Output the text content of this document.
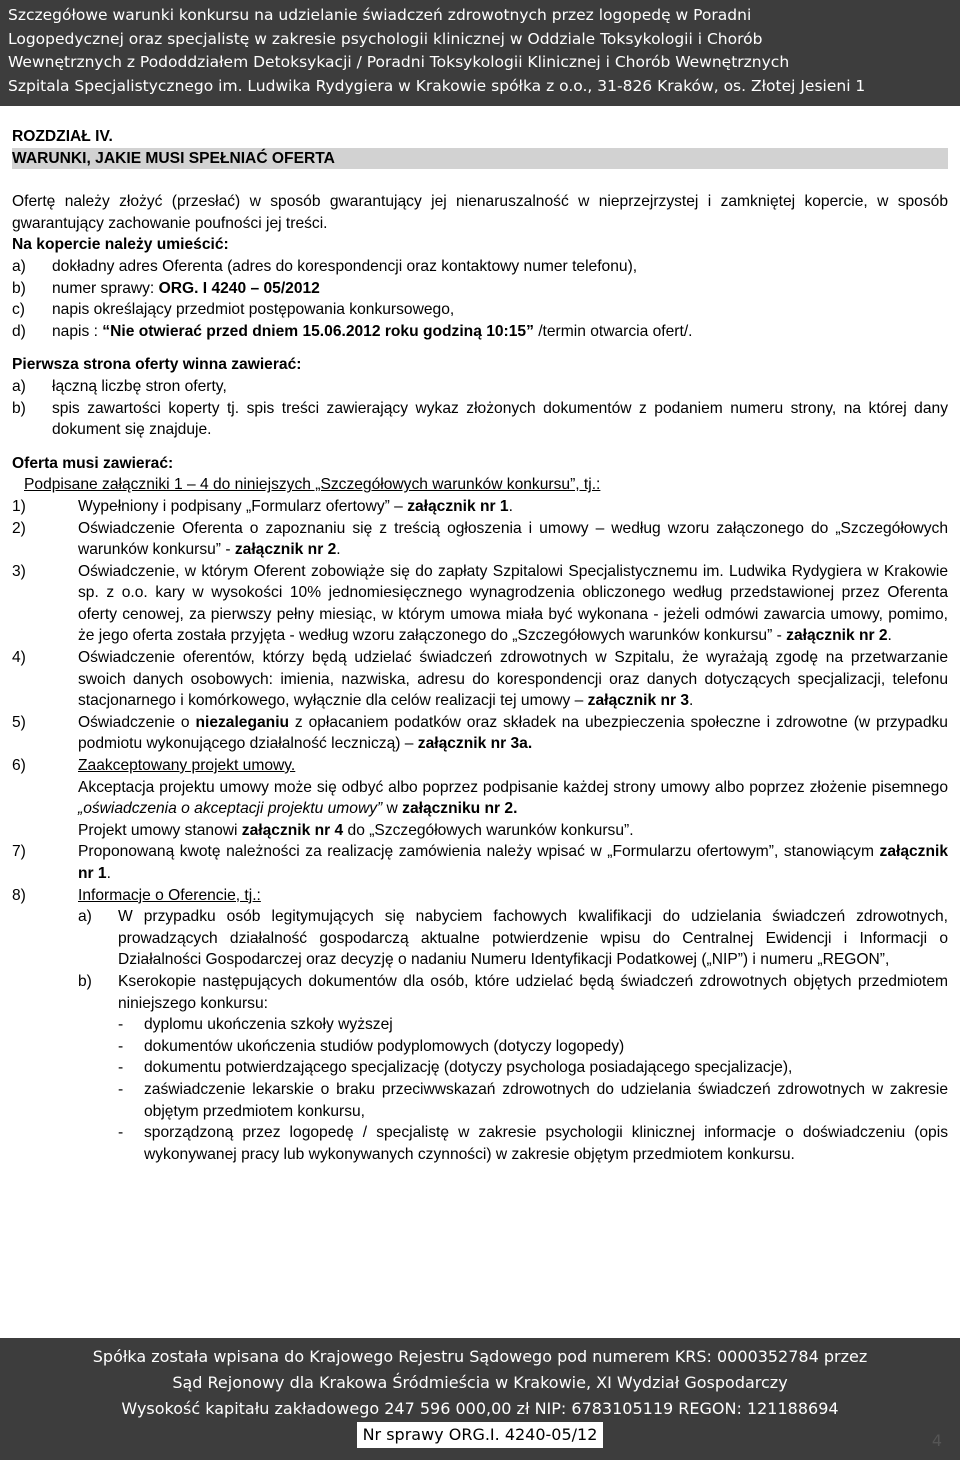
Szczegółowe warunki konkursu na udzielanie świadczeń zdrowotnych przez logopedę w Poradni
Logopedycznej oraz specjalistę w zakresie psychologii klinicznej w Oddziale Toksykologii i Chorób
Wewnętrznych z Pododdziałem Detoksykacji / Poradni Toksykologii Klinicznej i Chorób Wewnętrznych
Szpitala Specjalistycznego im. Ludwika Rydygiera w Krakowie spółka z o.o., 31-826 Kraków, os. Złotej Jesieni 1
ROZDZIAŁ IV.
WARUNKI, JAKIE MUSI SPEŁNIAĆ OFERTA

Ofertę należy złożyć (przesłać) w sposób gwarantujący jej nienaruszalność w nieprzejrzystej i zamkniętej kopercie, w sposób gwarantujący zachowanie poufności jej treści.

Na kopercie należy umieścić:
a)	dokładny adres Oferenta (adres do korespondencji oraz kontaktowy numer telefonu),
b)	numer sprawy: ORG. I 4240 – 05/2012
c)	napis określający przedmiot postępowania konkursowego,
d)	napis : “Nie otwierać przed dniem 15.06.2012 roku godziną 10:15” /termin otwarcia ofert/.
Pierwsza strona oferty winna zawierać:
a)	łączną liczbę stron oferty,
b)	spis zawartości koperty tj. spis treści zawierający wykaz złożonych dokumentów z podaniem numeru strony, na której dany dokument się znajduje.
Oferta musi zawierać:
Podpisane załączniki 1 – 4 do niniejszych „Szczegółowych warunków konkursu”, tj.:
1)	Wypełniony i podpisany „Formularz ofertowy” – załącznik nr 1.
2)	Oświadczenie Oferenta o zapoznaniu się z treścią ogłoszenia i umowy – według wzoru załączonego do „Szczegółowych warunków konkursu” - załącznik nr 2.
3)	Oświadczenie, w którym Oferent zobowiąże się do zapłaty Szpitalowi Specjalistycznemu im. Ludwika Rydygiera w Krakowie sp. z o.o. kary w wysokości 10% jednomiesięcznego wynagrodzenia obliczonego według przedstawionej przez Oferenta oferty cenowej, za pierwszy pełny miesiąc, w którym umowa miała być wykonana - jeżeli odmówi zawarcia umowy, pomimo, że jego oferta została przyjęta - według wzoru załączonego do „Szczegółowych warunków konkursu” - załącznik nr 2.
4)	Oświadczenie oferentów, którzy będą udzielać świadczeń zdrowotnych w Szpitalu, że wyrażają zgodę na przetwarzanie swoich danych osobowych: imienia, nazwiska, adresu do korespondencji oraz danych dotyczących specjalizacji, telefonu stacjonarnego i komórkowego, wyłącznie dla celów realizacji tej umowy – załącznik nr 3.
5)	Oświadczenie o niezaleganiu z opłacaniem podatków oraz składek na ubezpieczenia społeczne i zdrowotne (w przypadku podmiotu wykonującego działalność leczniczą) – załącznik nr 3a.
6)	Zaakceptowany projekt umowy.
Akceptacja projektu umowy może się odbyć albo poprzez podpisanie każdej strony umowy albo poprzez złożenie pisemnego „oświadczenia o akceptacji projektu umowy” w załączniku nr 2.
Projekt umowy stanowi załącznik nr 4 do „Szczegółowych warunków konkursu”.
7)	Proponowaną kwotę należności za realizację zamówienia należy wpisać w „Formularzu ofertowym”, stanowiącym załącznik nr 1.
8)	Informacje o Oferencie, tj.:
a)	W przypadku osób legitymujących się nabyciem fachowych kwalifikacji do udzielania świadczeń zdrowotnych, prowadzących działalność gospodarczą aktualne potwierdzenie wpisu do Centralnej Ewidencji i Informacji o Działalności Gospodarczej oraz decyzję o nadaniu Numeru Identyfikacji Podatkowej („NIP”) i numeru „REGON”,
b)	Kserokopie następujących dokumentów dla osób, które udzielać będą świadczeń zdrowotnych objętych przedmiotem niniejszego konkursu:
-	dyplomu ukończenia szkoły wyższej
-	dokumentów ukończenia studiów podyplomowych (dotyczy logopedy)
-	dokumentu potwierdzającego specjalizację (dotyczy psychologa posiadającego specjalizacje),
-	zaświadczenie lekarskie o braku przeciwwskazań zdrowotnych do udzielania świadczeń zdrowotnych w zakresie objętym przedmiotem konkursu,
-	sporządzoną przez logopedę / specjalistę w zakresie psychologii klinicznej informacje o doświadczeniu (opis wykonywanej pracy lub wykonywanych czynności) w zakresie objętym przedmiotem konkursu.
Spółka została wpisana do Krajowego Rejestru Sądowego pod numerem KRS: 0000352784 przez
Sąd Rejonowy dla Krakowa Śródmieścia w Krakowie, XI Wydział Gospodarczy
Wysokość kapitału zakładowego 247 596 000,00 zł NIP: 6783105119 REGON: 121188694
Nr sprawy ORG.I. 4240-05/12	4
